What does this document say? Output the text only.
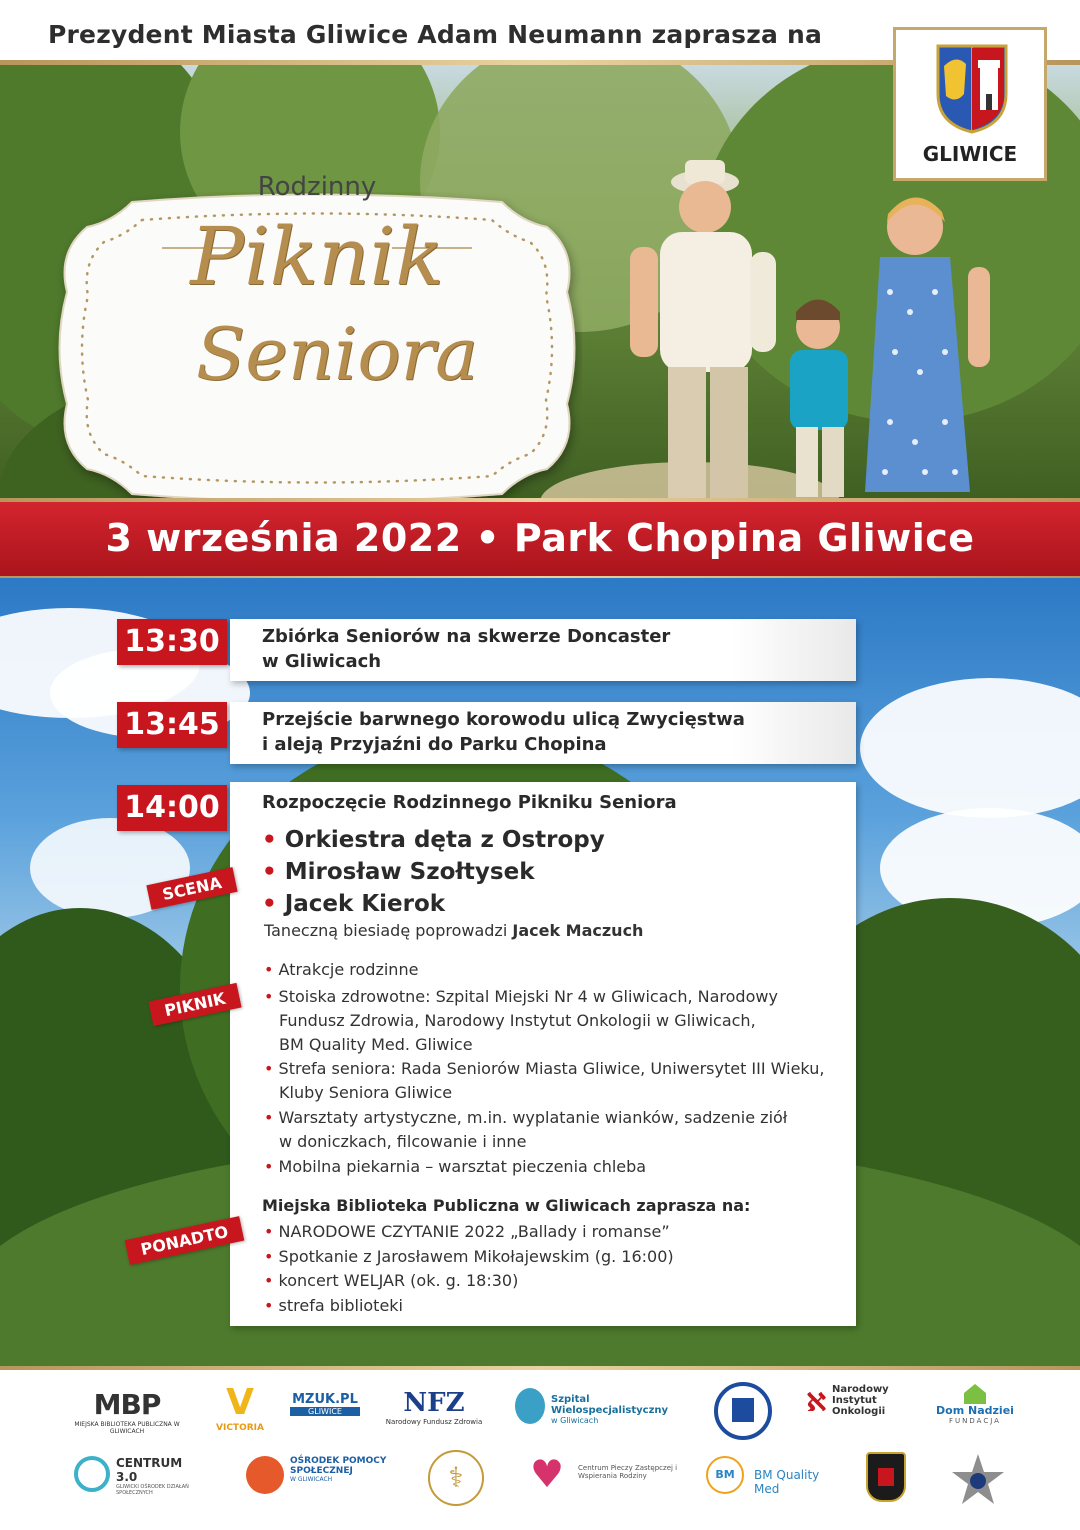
Prezydent Miasta Gliwice Adam Neumann zaprasza na
Rodzinny
Piknik
Seniora
GLIWICE
3 września 2022 • Park Chopina Gliwice
13:30	Zbiórka Seniorów na skwerze Doncaster
w Gliwicach
13:45	Przejście barwnego korowodu ulicą Zwycięstwa
i aleją Przyjaźni do Parku Chopina
14:00	Rozpoczęcie Rodzinnego Pikniku Seniora
SCENA
• Orkiestra dęta z Ostropy
• Mirosław Szołtysek
• Jacek Kierok
Taneczną biesiadę poprowadzi Jacek Maczuch
PIKNIK
• Atrakcje rodzinne
• Stoiska zdrowotne: Szpital Miejski Nr 4 w Gliwicach, Narodowy
Fundusz Zdrowia, Narodowy Instytut Onkologii w Gliwicach,
BM Quality Med. Gliwice
• Strefa seniora: Rada Seniorów Miasta Gliwice, Uniwersytet III Wieku,
Kluby Seniora Gliwice
• Warsztaty artystyczne, m.in. wyplatanie wianków, sadzenie ziół
w doniczkach, filcowanie i inne
• Mobilna piekarnia – warsztat pieczenia chleba
PONADTO
Miejska Biblioteka Publiczna w Gliwicach zaprasza na:
• NARODOWE CZYTANIE 2022 „Ballady i romanse”
• Spotkanie z Jarosławem Mikołajewskim (g. 16:00)
• koncert WELJAR (ok. g. 18:30)
• strefa biblioteki
MBP
MIEJSKA BIBLIOTEKA PUBLICZNA W GLIWICACH
V
VICTORIA
MZUK.PL
GLIWICE	NFZ
Narodowy Fundusz Zdrowia
Szpital Wielospecjalistyczny
w Gliwicach
ℵ Narodowy Instytut Onkologii	Dom Nadziei
FUNDACJA
CENTRUM 3.0
GLIWICKI OŚRODEK DZIAŁAŃ SPOŁECZNYCH
OŚRODEK POMOCY SPOŁECZNEJ
W GLIWICACH	⚕	♥	Centrum Pieczy Zastępczej i Wspierania Rodziny	BM	BM Quality Med
